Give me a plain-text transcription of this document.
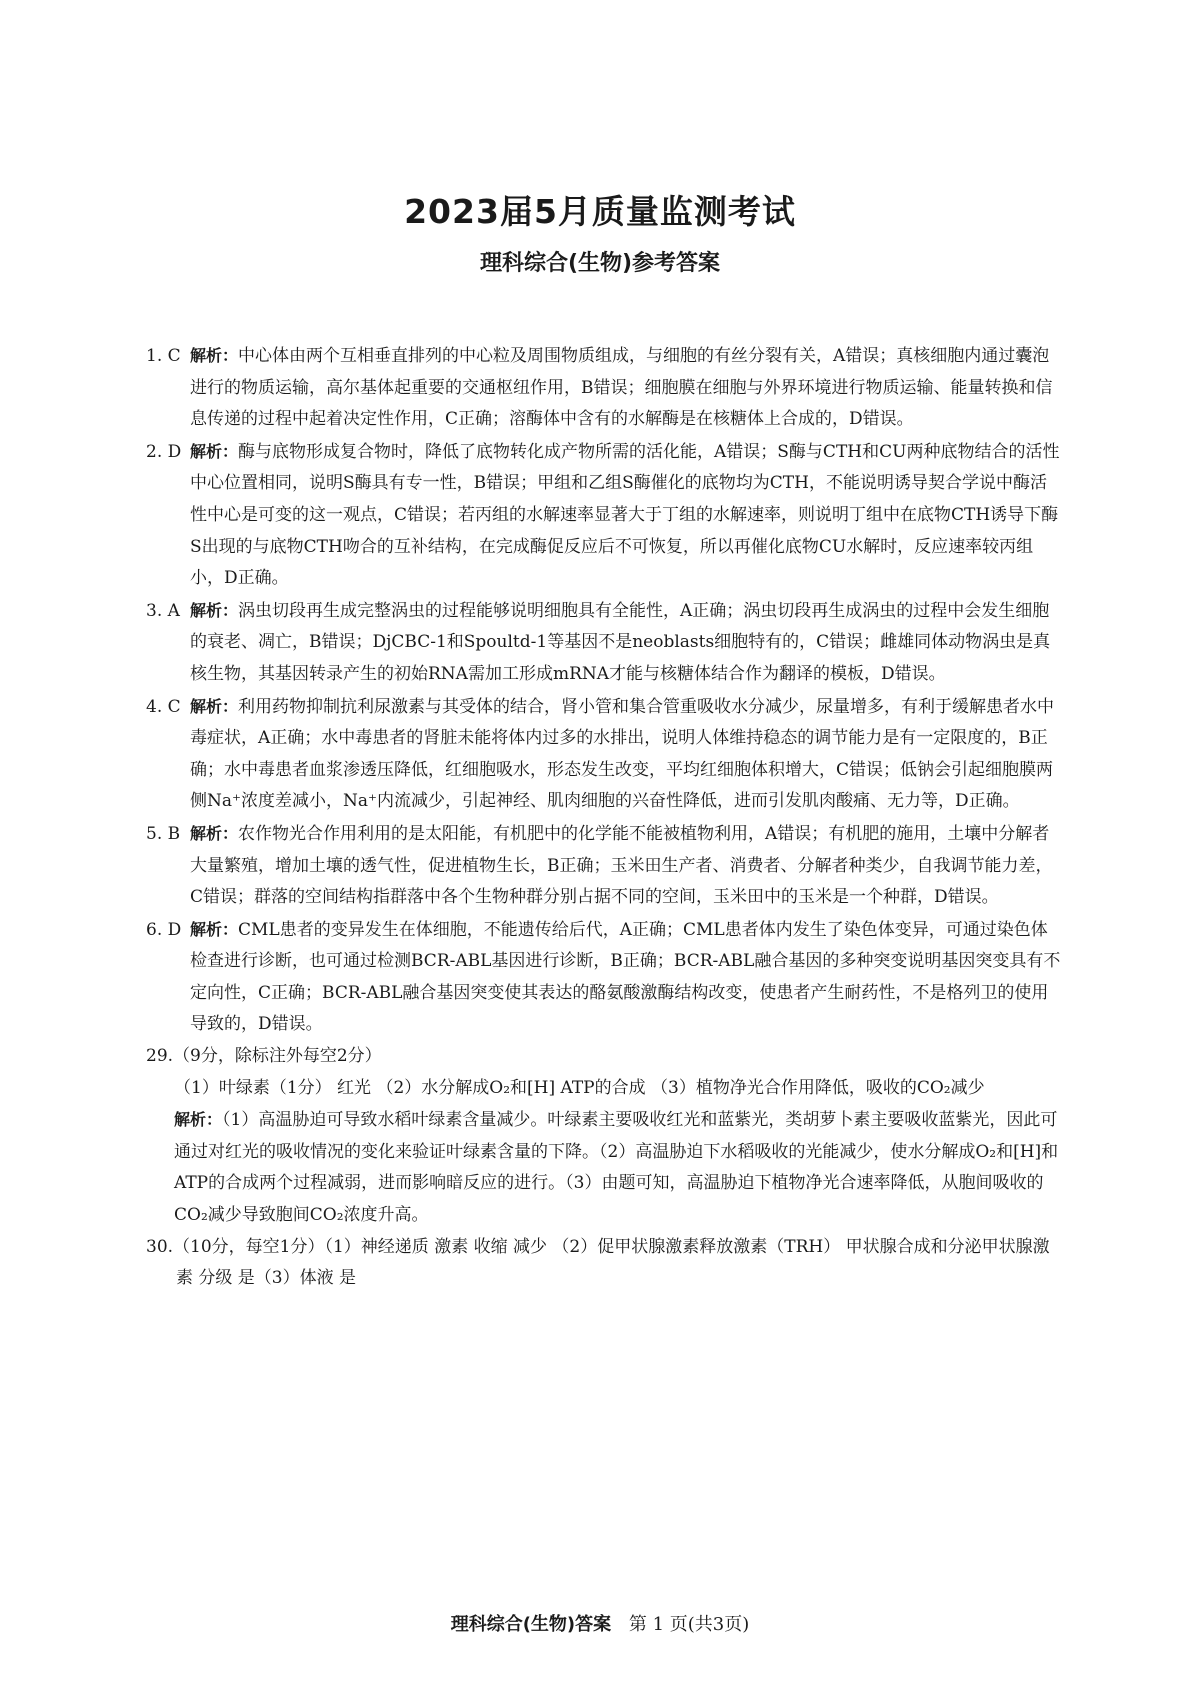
2023届5月质量监测考试
理科综合(生物)参考答案
1. C 解析：中心体由两个互相垂直排列的中心粒及周围物质组成，与细胞的有丝分裂有关，A错误；真核细胞内通过囊泡进行的物质运输，高尔基体起重要的交通枢纽作用，B错误；细胞膜在细胞与外界环境进行物质运输、能量转换和信息传递的过程中起着决定性作用，C正确；溶酶体中含有的水解酶是在核糖体上合成的，D错误。
2. D 解析：酶与底物形成复合物时，降低了底物转化成产物所需的活化能，A错误；S酶与CTH和CU两种底物结合的活性中心位置相同，说明S酶具有专一性，B错误；甲组和乙组S酶催化的底物均为CTH，不能说明诱导契合学说中酶活性中心是可变的这一观点，C错误；若丙组的水解速率显著大于丁组的水解速率，则说明丁组中在底物CTH诱导下酶S出现的与底物CTH吻合的互补结构，在完成酶促反应后不可恢复，所以再催化底物CU水解时，反应速率较丙组小，D正确。
3. A 解析：涡虫切段再生成完整涡虫的过程能够说明细胞具有全能性，A正确；涡虫切段再生成涡虫的过程中会发生细胞的衰老、凋亡，B错误；DjCBC-1和Spoultd-1等基因不是neoblasts细胞特有的，C错误；雌雄同体动物涡虫是真核生物，其基因转录产生的初始RNA需加工形成mRNA才能与核糖体结合作为翻译的模板，D错误。
4. C 解析：利用药物抑制抗利尿激素与其受体的结合，肾小管和集合管重吸收水分减少，尿量增多，有利于缓解患者水中毒症状，A正确；水中毒患者的肾脏未能将体内过多的水排出，说明人体维持稳态的调节能力是有一定限度的，B正确；水中毒患者血浆渗透压降低，红细胞吸水，形态发生改变，平均红细胞体积增大，C错误；低钠会引起细胞膜两侧Na⁺浓度差减小，Na⁺内流减少，引起神经、肌肉细胞的兴奋性降低，进而引发肌肉酸痛、无力等，D正确。
5. B 解析：农作物光合作用利用的是太阳能，有机肥中的化学能不能被植物利用，A错误；有机肥的施用，土壤中分解者大量繁殖，增加土壤的透气性，促进植物生长，B正确；玉米田生产者、消费者、分解者种类少，自我调节能力差，C错误；群落的空间结构指群落中各个生物种群分别占据不同的空间，玉米田中的玉米是一个种群，D错误。
6. D 解析：CML患者的变异发生在体细胞，不能遗传给后代，A正确；CML患者体内发生了染色体变异，可通过染色体检查进行诊断，也可通过检测BCR-ABL基因进行诊断，B正确；BCR-ABL融合基因的多种突变说明基因突变具有不定向性，C正确；BCR-ABL融合基因突变使其表达的酪氨酸激酶结构改变，使患者产生耐药性，不是格列卫的使用导致的，D错误。
29.（9分，除标注外每空2分）
（1）叶绿素（1分） 红光 （2）水分解成O₂和[H] ATP的合成 （3）植物净光合作用降低，吸收的CO₂减少
解析：（1）高温胁迫可导致水稻叶绿素含量减少。叶绿素主要吸收红光和蓝紫光，类胡萝卜素主要吸收蓝紫光，因此可通过对红光的吸收情况的变化来验证叶绿素含量的下降。（2）高温胁迫下水稻吸收的光能减少，使水分解成O₂和[H]和ATP的合成两个过程减弱，进而影响暗反应的进行。（3）由题可知，高温胁迫下植物净光合速率降低，从胞间吸收的CO₂减少导致胞间CO₂浓度升高。
30.（10分，每空1分）（1）神经递质 激素 收缩 减少 （2）促甲状腺激素释放激素（TRH） 甲状腺合成和分泌甲状腺激素 分级 是（3）体液 是
理科综合(生物)答案 第 1 页(共3页)
